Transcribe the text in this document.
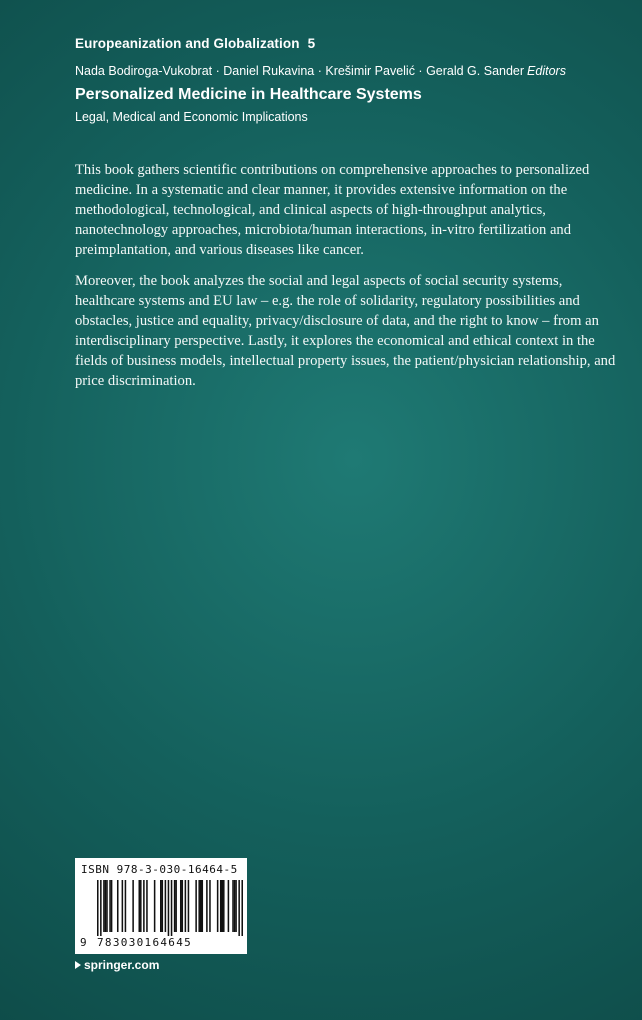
Europeanization and Globalization 5
Nada Bodiroga-Vukobrat · Daniel Rukavina · Krešimir Pavelić · Gerald G. Sander Editors
Personalized Medicine in Healthcare Systems
Legal, Medical and Economic Implications

This book gathers scientific contributions on comprehensive approaches to personalized medicine. In a systematic and clear manner, it provides extensive information on the methodological, technological, and clinical aspects of high-throughput analytics, nanotechnology approaches, microbiota/human interactions, in-vitro fertilization and preimplantation, and various diseases like cancer.

Moreover, the book analyzes the social and legal aspects of social security systems, healthcare systems and EU law – e.g. the role of solidarity, regulatory possibilities and obstacles, justice and equality, privacy/disclosure of data, and the right to know – from an interdisciplinary perspective. Lastly, it explores the economical and ethical context in the fields of business models, intellectual property issues, the patient/physician relationship, and price discrimination.

ISBN 978-3-030-16464-5
9 783030164645
springer.com
